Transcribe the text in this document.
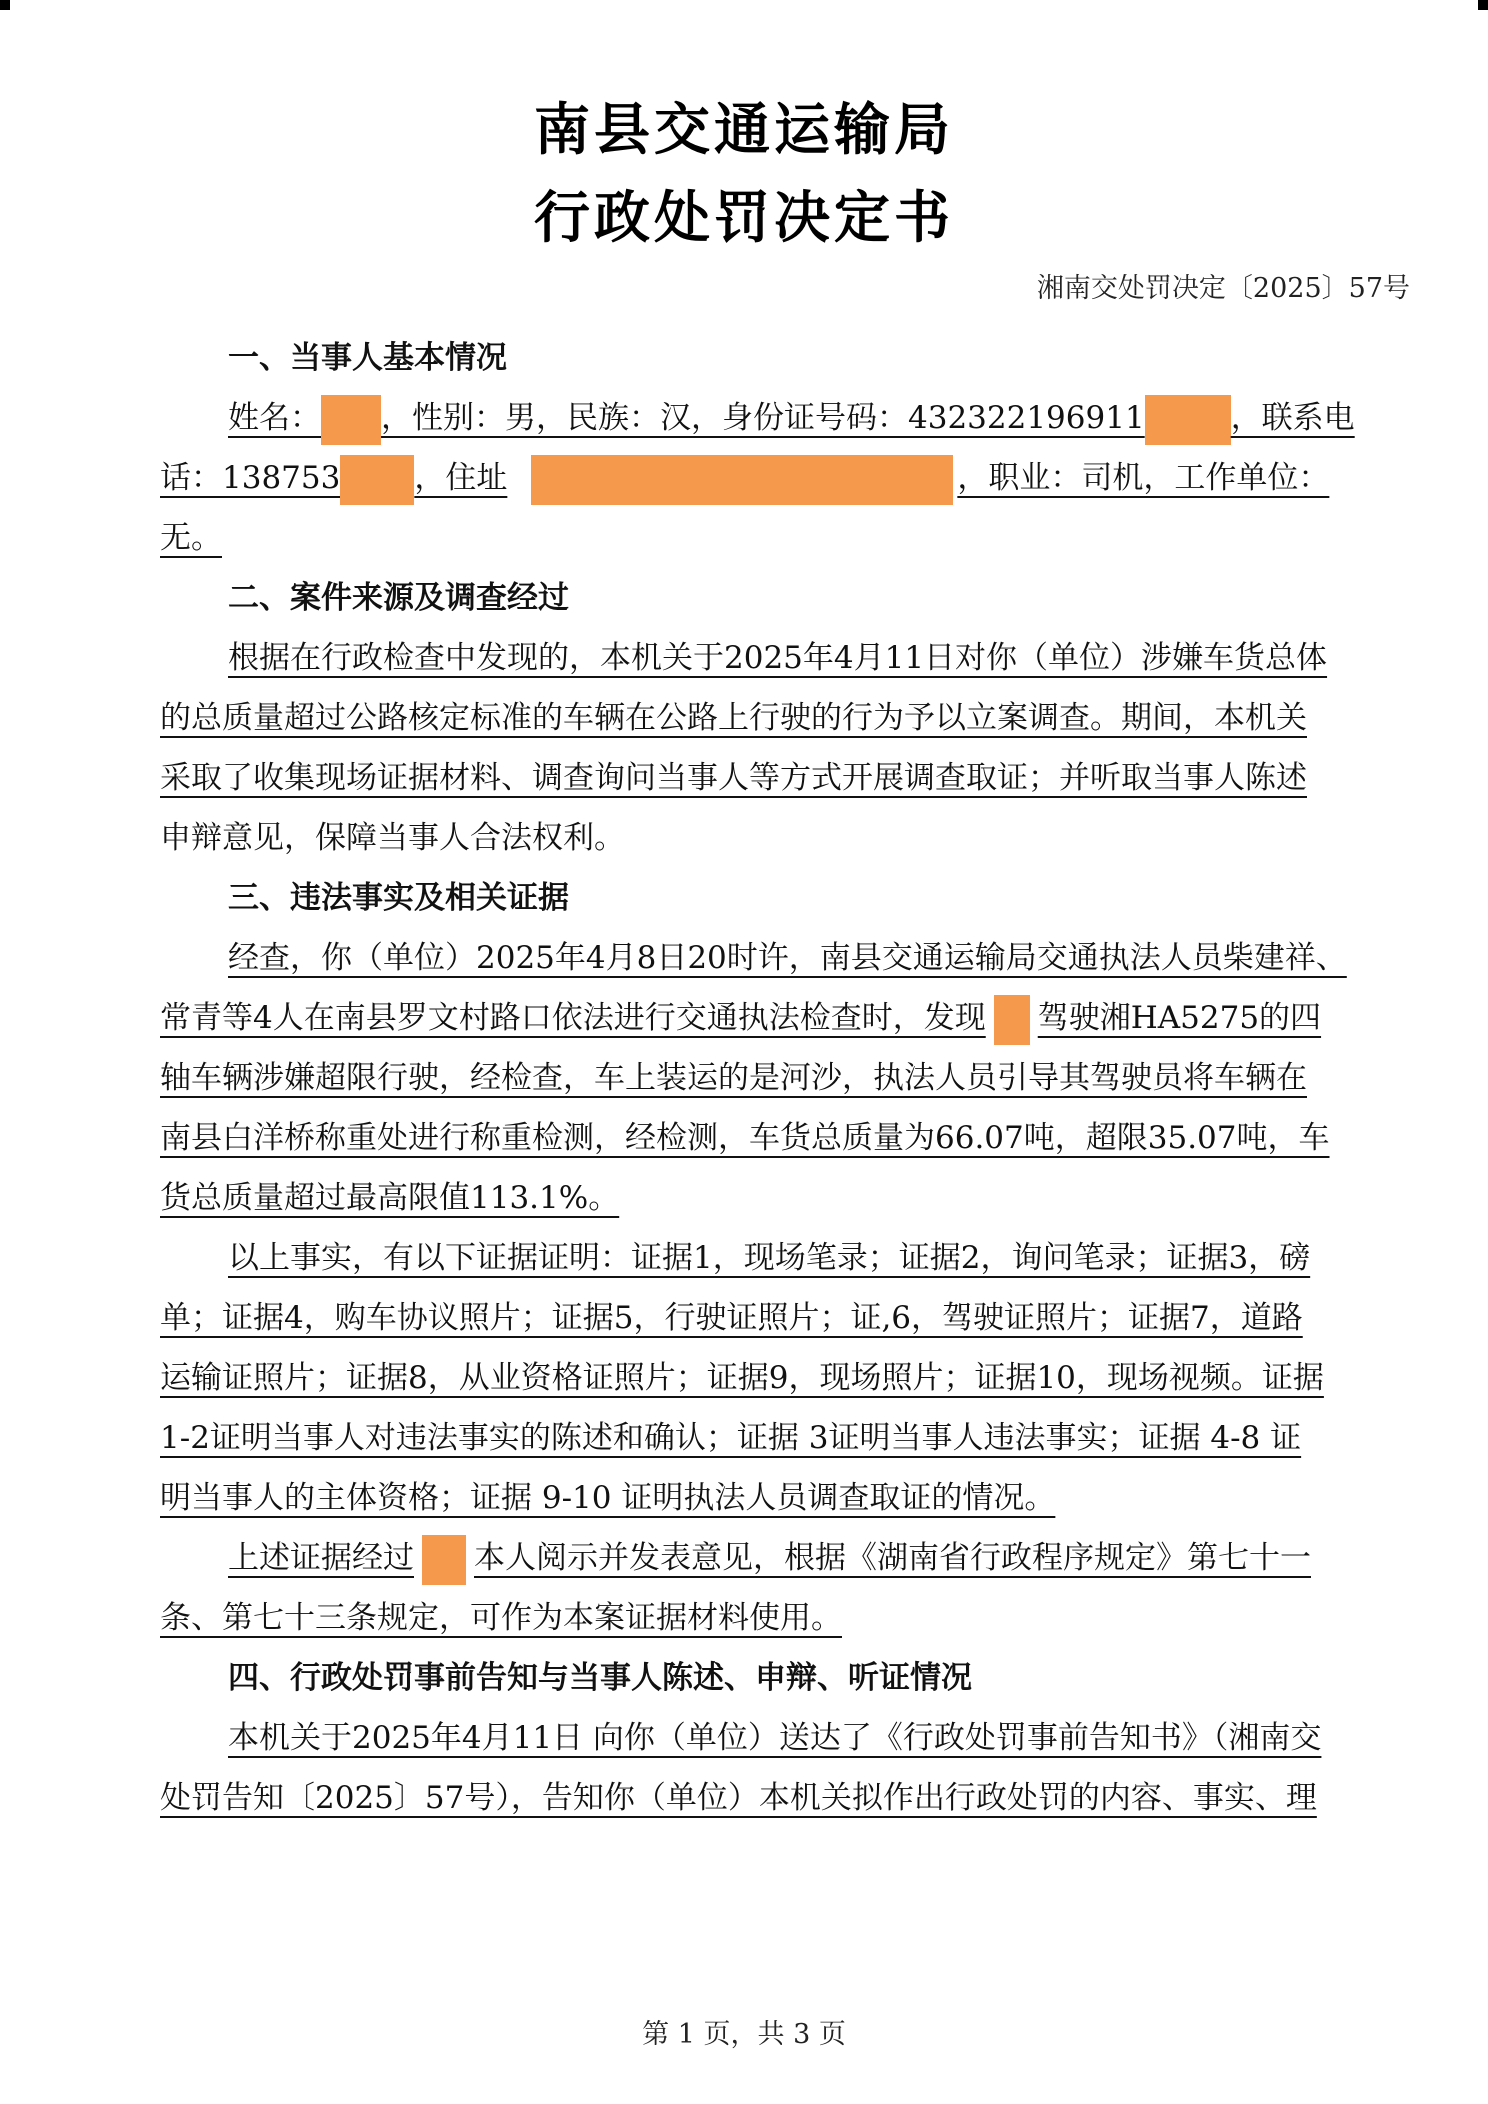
南县交通运输局
行政处罚决定书
湘南交处罚决定〔2025〕57号
一、当事人基本情况
姓名： ，性别：男，民族：汉，身份证号码：432322196911	，联系电
话：138753 ，住址	，职业：司机，工作单位：
无。
二、案件来源及调查经过
根据在行政检查中发现的，本机关于2025年4月11日对你（单位）涉嫌车货总体
的总质量超过公路核定标准的车辆在公路上行驶的行为予以立案调查。期间，本机关
采取了收集现场证据材料、调查询问当事人等方式开展调查取证；并听取当事人陈述
申辩意见，保障当事人合法权利。
三、违法事实及相关证据
经查，你（单位）2025年4月8日20时许，南县交通运输局交通执法人员柴建祥、
常青等4人在南县罗文村路口依法进行交通执法检查时，发现 驾驶湘HA5275的四
轴车辆涉嫌超限行驶，经检查，车上装运的是河沙，执法人员引导其驾驶员将车辆在
南县白洋桥称重处进行称重检测，经检测，车货总质量为66.07吨，超限35.07吨，车
货总质量超过最高限值113.1%。
以上事实，有以下证据证明：证据1，现场笔录；证据2，询问笔录；证据3，磅
单；证据4，购车协议照片；证据5，行驶证照片；证,6，驾驶证照片；证据7，道路
运输证照片；证据8，从业资格证照片；证据9，现场照片；证据10，现场视频。证据
1-2证明当事人对违法事实的陈述和确认；证据 3证明当事人违法事实；证据 4-8 证
明当事人的主体资格；证据 9-10 证明执法人员调查取证的情况。
上述证据经过 本人阅示并发表意见，根据《湖南省行政程序规定》第七十一
条、第七十三条规定，可作为本案证据材料使用。
四、行政处罚事前告知与当事人陈述、申辩、听证情况
本机关于2025年4月11日 向你（单位）送达了《行政处罚事前告知书》（湘南交
处罚告知〔2025〕57号），告知你（单位）本机关拟作出行政处罚的内容、事实、理
第 1 页，共 3 页
